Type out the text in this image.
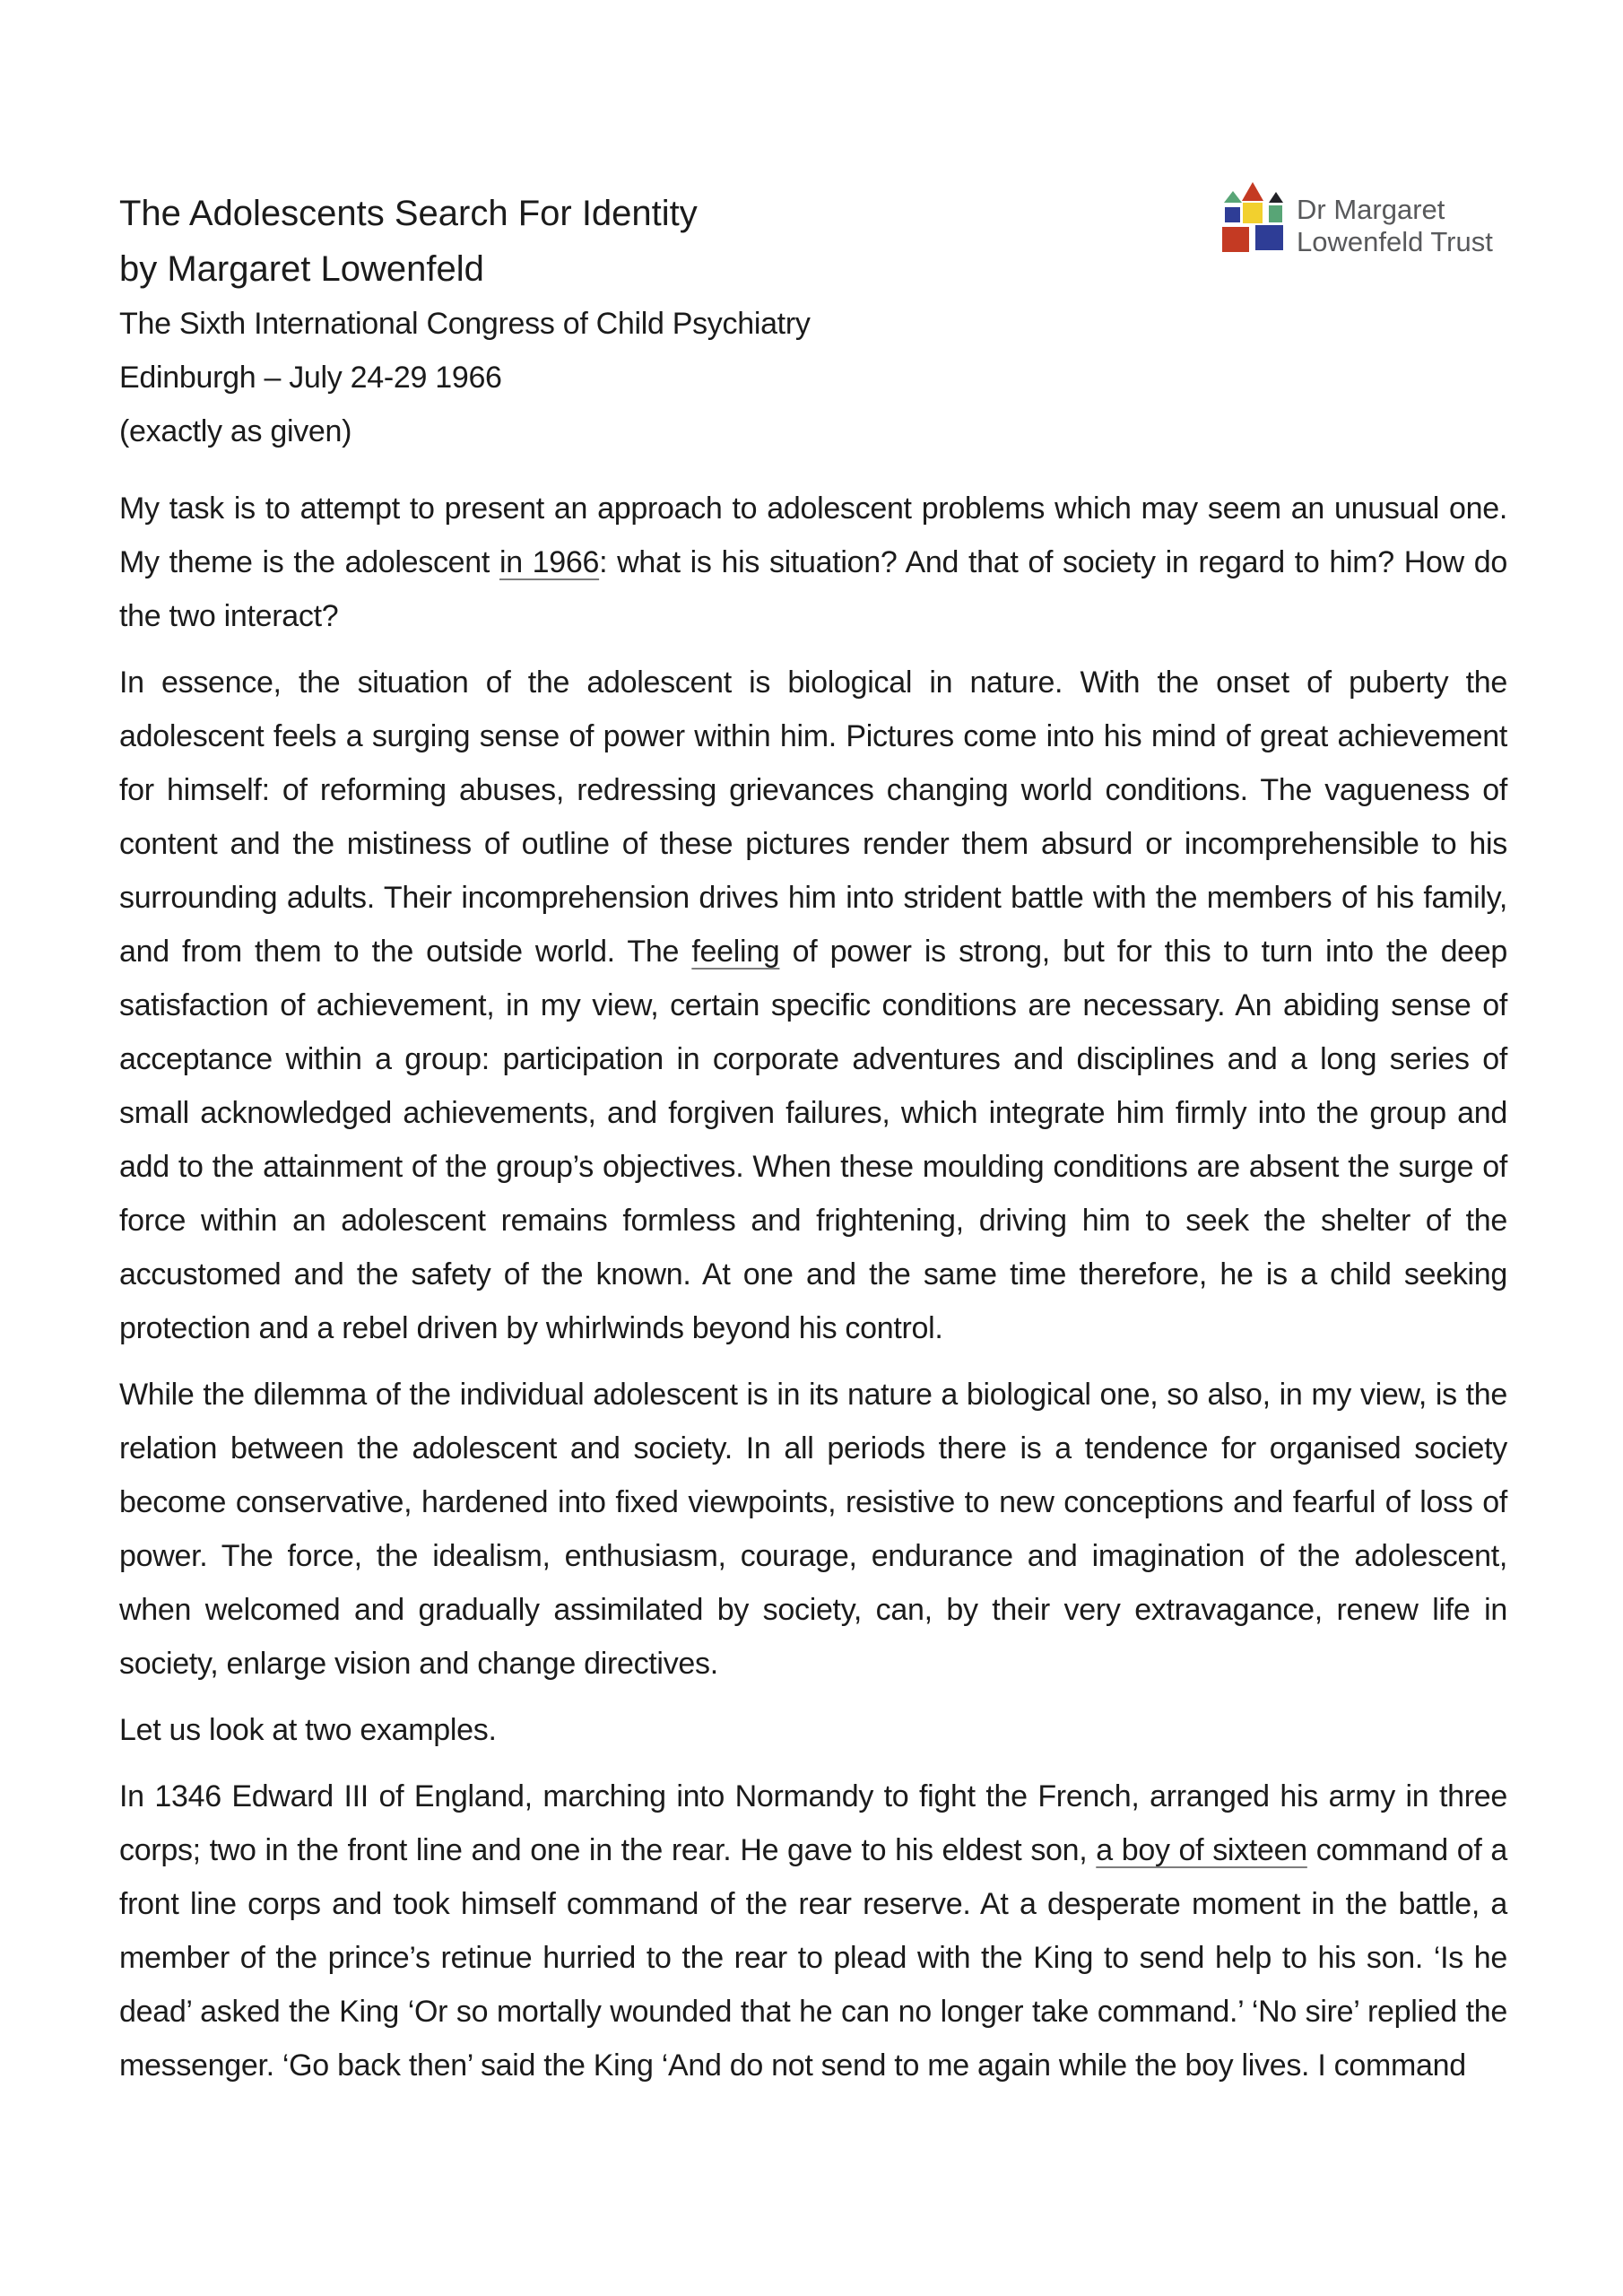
Dr Margaret
Lowenfeld Trust
The Adolescents Search For Identity
by Margaret Lowenfeld

The Sixth International Congress of Child Psychiatry

Edinburgh – July 24-29 1966

(exactly as given)

My task is to attempt to present an approach to adolescent problems which may seem an unusual one. My theme is the adolescent in 1966: what is his situation? And that of society in regard to him? How do the two interact?

In essence, the situation of the adolescent is biological in nature. With the onset of puberty the adolescent feels a surging sense of power within him. Pictures come into his mind of great achievement for himself: of reforming abuses, redressing grievances changing world conditions. The vagueness of content and the mistiness of outline of these pictures render them absurd or incomprehensible to his surrounding adults. Their incomprehension drives him into strident battle with the members of his family, and from them to the outside world. The feeling of power is strong, but for this to turn into the deep satisfaction of achievement, in my view, certain specific conditions are necessary. An abiding sense of acceptance within a group: participation in corporate adventures and disciplines and a long series of small acknowledged achievements, and forgiven failures, which integrate him firmly into the group and add to the attainment of the group’s objectives. When these moulding conditions are absent the surge of force within an adolescent remains formless and frightening, driving him to seek the shelter of the accustomed and the safety of the known. At one and the same time therefore, he is a child seeking protection and a rebel driven by whirlwinds beyond his control.

While the dilemma of the individual adolescent is in its nature a biological one, so also, in my view, is the relation between the adolescent and society. In all periods there is a tendence for organised society become conservative, hardened into fixed viewpoints, resistive to new conceptions and fearful of loss of power. The force, the idealism, enthusiasm, courage, endurance and imagination of the adolescent, when welcomed and gradually assimilated by society, can, by their very extravagance, renew life in society, enlarge vision and change directives.

Let us look at two examples.

In 1346 Edward III of England, marching into Normandy to fight the French, arranged his army in three corps; two in the front line and one in the rear. He gave to his eldest son, a boy of sixteen command of a front line corps and took himself command of the rear reserve. At a desperate moment in the battle, a member of the prince’s retinue hurried to the rear to plead with the King to send help to his son. ‘Is he dead’ asked the King ‘Or so mortally wounded that he can no longer take command.’ ‘No sire’ replied the messenger. ‘Go back then’ said the King ‘And do not send to me again while the boy lives. I command
